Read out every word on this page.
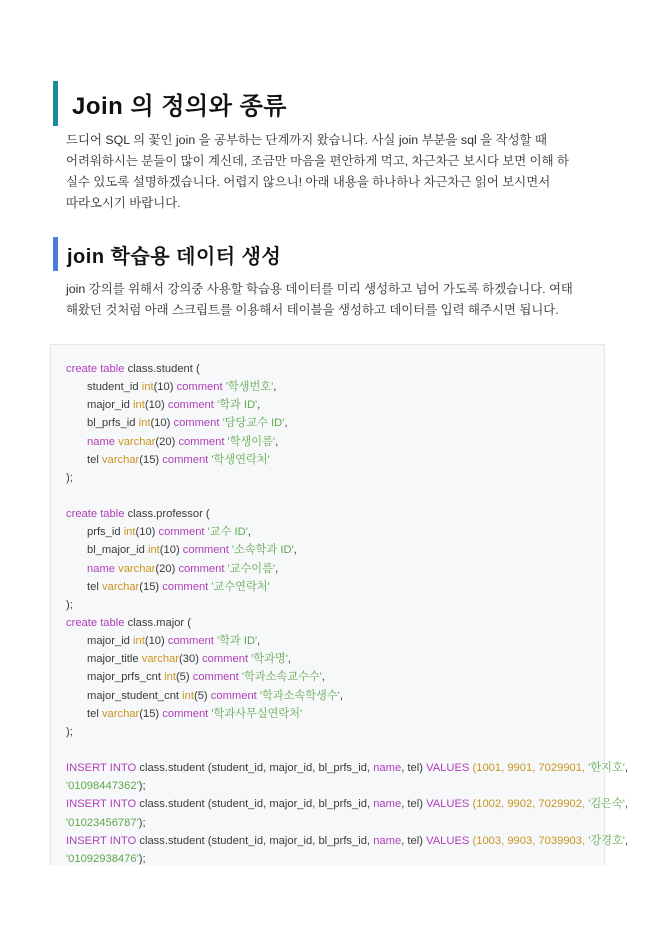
Join 의 정의와 종류
드디어 SQL 의 꽃인 join 을 공부하는 단계까지 왔습니다. 사실 join 부분을 sql 을 작성할 때
어려워하시는 분들이 많이 계신데, 조금만 마음을 편안하게 먹고, 차근차근 보시다 보면 이해 하
실수 있도록 설명하겠습니다. 어렵지 않으니! 아래 내용을 하나하나 차근차근 읽어 보시면서
따라오시기 바랍니다.
join 학습용 데이터 생성
join 강의를 위해서 강의중 사용할 학습용 데이터를 미리 생성하고 넘어 가도록 하겠습니다. 여태
해왔던 것처럼 아래 스크립트를 이용해서 테이블을 생성하고 데이터를 입력 해주시면 됩니다.
create table class.student (
student_id int(10) comment '학생번호',
major_id int(10) comment '학과 ID',
bl_prfs_id int(10) comment '담당교수 ID',
name varchar(20) comment '학생이름',
tel varchar(15) comment '학생연락처'
);
create table class.professor (
prfs_id int(10) comment '교수 ID',
bl_major_id int(10) comment '소속학과 ID',
name varchar(20) comment '교수이름',
tel varchar(15) comment '교수연락처'
);
create table class.major (
major_id int(10) comment '학과 ID',
major_title varchar(30) comment '학과명',
major_prfs_cnt int(5) comment '학과소속교수수',
major_student_cnt int(5) comment '학과소속학생수',
tel varchar(15) comment '학과사무실연락처'
);
INSERT INTO class.student (student_id, major_id, bl_prfs_id, name, tel) VALUES (1001, 9901, 7029901, '한지호',
'01098447362');
INSERT INTO class.student (student_id, major_id, bl_prfs_id, name, tel) VALUES (1002, 9902, 7029902, '김은숙',
'01023456787');
INSERT INTO class.student (student_id, major_id, bl_prfs_id, name, tel) VALUES (1003, 9903, 7039903, '강경호',
'01092938476');
